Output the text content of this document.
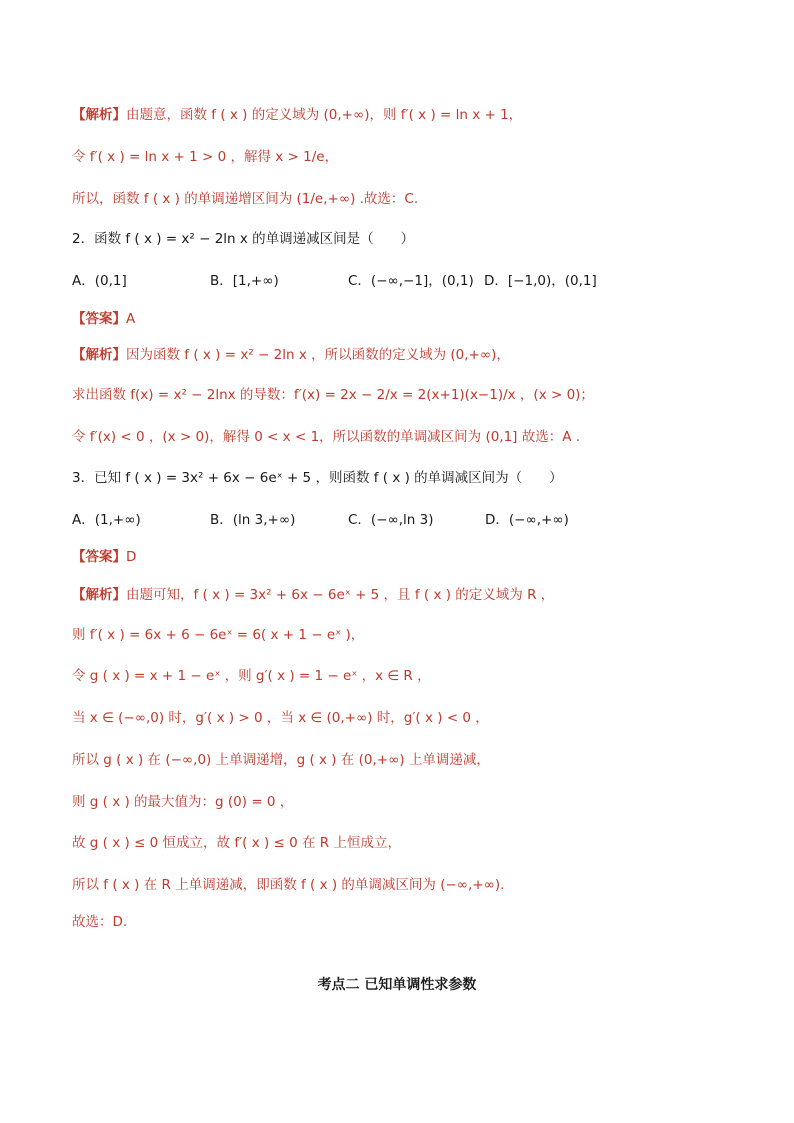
【解析】由题意，函数 f ( x ) 的定义域为 (0,+∞)，则 f′( x ) = ln x + 1，
令 f′( x ) = ln x + 1 > 0 ，解得 x > 1/e，
所以，函数 f ( x ) 的单调递增区间为 (1/e,+∞) .故选：C.
2．函数 f ( x ) = x² − 2ln x 的单调递减区间是（　　）
A．(0,1]	B．[1,+∞)	C．(−∞,−1]，(0,1) D．[−1,0)，(0,1]
【答案】A
【解析】因为函数 f ( x ) = x² − 2ln x ，所以函数的定义域为 (0,+∞)，
求出函数 f(x) = x² − 2lnx 的导数：f′(x) = 2x − 2/x = 2(x+1)(x−1)/x ，(x > 0)；
令 f′(x) < 0 ，(x > 0)，解得 0 < x < 1，所以函数的单调减区间为 (0,1] 故选：A .
3．已知 f ( x ) = 3x² + 6x − 6eˣ + 5 ，则函数 f ( x ) 的单调减区间为（　　）
A．(1,+∞)	B．(ln 3,+∞)	C．(−∞,ln 3)	D．(−∞,+∞)
【答案】D
【解析】由题可知，f ( x ) = 3x² + 6x − 6eˣ + 5 ，且 f ( x ) 的定义域为 R ，
则 f′( x ) = 6x + 6 − 6eˣ = 6( x + 1 − eˣ )，
令 g ( x ) = x + 1 − eˣ ，则 g′( x ) = 1 − eˣ ，x ∈ R ，
当 x ∈ (−∞,0) 时，g′( x ) > 0 ，当 x ∈ (0,+∞) 时，g′( x ) < 0 ，
所以 g ( x ) 在 (−∞,0) 上单调递增，g ( x ) 在 (0,+∞) 上单调递减，
则 g ( x ) 的最大值为：g (0) = 0 ，
故 g ( x ) ≤ 0 恒成立，故 f′( x ) ≤ 0 在 R 上恒成立，
所以 f ( x ) 在 R 上单调递减，即函数 f ( x ) 的单调减区间为 (−∞,+∞).
故选：D.
考点二 已知单调性求参数
